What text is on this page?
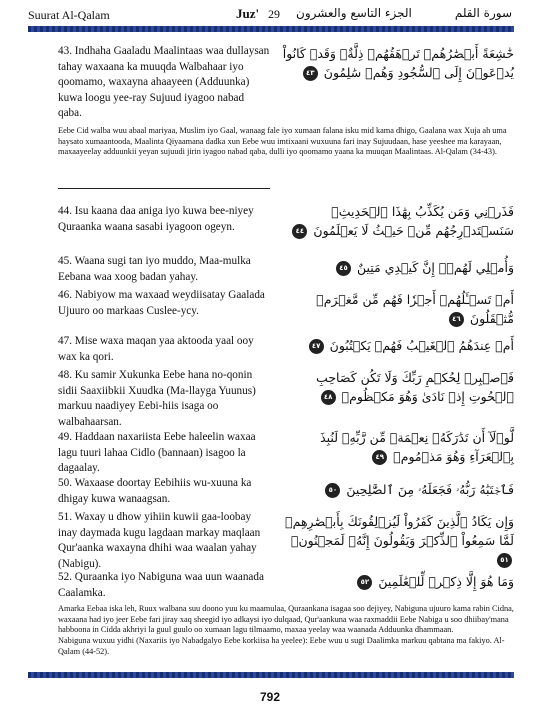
Suurat Al-Qalam	Juz' 29 الجزء التاسع والعشرون	سورة القلم
43. Indhaha Gaaladu Maalintaas waa dullaysan tahay waxaana ka muuqda Walbahaar iyo qoomamo, waxayna ahaayeen (Adduunka) kuwa loogu yee-ray Sujuud iyagoo nabad qaba.
خَٰشِعَةً أَبۡصَٰرُهُمۡ تَرۡهَقُهُمۡ ذِلَّةٌۖ وَقَدۡ كَانُواْ يُدۡعَوۡنَ إِلَى ٱلسُّجُودِ وَهُمۡ سَٰلِمُونَ ٤٣
Eebe Cid walba wuu abaal mariyaa, Muslim iyo Gaal, wanaag fale iyo xumaan falana isku mid kama dhigo, Gaalana wax Xuja ah uma haysato xumaantooda, Maalinta Qiyaamana dadka xun Eebe wuu imtixaani wuxuuna fari inay Sujuudaan, hase yeeshee ma karayaan, maxaayeelay adduunkii yeyan sujuudi jirin iyagoo nabad qaba, dulli iyo qoomamo yaana ka muuqan Maalintaas. Al-Qalam (34-43).
44. Isu kaana daa aniga iyo kuwa bee-niyey Quraanka waana sasabi iyagoon ogeyn.
فَذَرۡنِي وَمَن يُكَذِّبُ بِهَٰذَا ٱلۡحَدِيثِۖ سَنَسۡتَدۡرِجُهُم مِّنۡ حَيۡثُ لَا يَعۡلَمُونَ ٤٤
45. Waana sugi tan iyo muddo, Maa-mulka Eebana waa xoog badan yahay.
وَأُمۡلِي لَهُمۡۚ إِنَّ كَيۡدِي مَتِينٌ ٤٥
46. Nabiyow ma waxaad weydiisatay Gaalada Ujuuro oo markaas Cuslee-ycy.
أَمۡ تَسۡـَٔلُهُمۡ أَجۡرٗا فَهُم مِّن مَّغۡرَمٖ مُّثۡقَلُونَ ٤٦
47. Mise waxa maqan yaa aktooda yaal ooy wax ka qori.
أَمۡ عِندَهُمُ ٱلۡغَيۡبُ فَهُمۡ يَكۡتُبُونَ ٤٧
48. Ku samir Xukunka Eebe hana no-qonin sidii Saaxiibkii Xuudka (Ma-llayga Yuunus) markuu naadiyey Eebi-hiis isaga oo walbahaarsan.
فَٱصۡبِرۡ لِحُكۡمِ رَبِّكَ وَلَا تَكُن كَصَاحِبِ ٱلۡحُوتِ إِذۡ نَادَىٰ وَهُوَ مَكۡظُومٞ ٤٨
49. Haddaan naxariista Eebe haleelin waxaa lagu tuuri lahaa Cidlo (bannaan) isagoo la dagaalay.
لَّوۡلَآ أَن تَدَٰرَكَهُۥ نِعۡمَةٞ مِّن رَّبِّهِۦ لَنُبِذَ بِٱلۡعَرَآءِ وَهُوَ مَذۡمُومٞ ٤٩
50. Waxaase doortay Eebihiis wu-xuuna ka dhigay kuwa wanaagsan.
فَٱجۡتَبَٰهُ رَبُّهُۥ فَجَعَلَهُۥ مِنَ ٱلصَّٰلِحِينَ ٥٠
51. Waxay u dhow yihiin kuwii gaa-loobay inay daymada kugu lagdaan markay maqlaan Qur'aanka waxayna dhihi waa waalan yahay (Nabigu).
وَإِن يَكَادُ ٱلَّذِينَ كَفَرُواْ لَيُزۡلِقُونَكَ بِأَبۡصَٰرِهِمۡ لَمَّا سَمِعُواْ ٱلذِّكۡرَ وَيَقُولُونَ إِنَّهُۥ لَمَجۡنُونٞ ٥١
52. Quraanka iyo Nabiguna waa uun waanada Caalamka.
وَمَا هُوَ إِلَّا ذِكۡرٞ لِّلۡعَٰلَمِينَ ٥٢
Amarka Eebaa iska leh, Ruux walbana suu doono yuu ku maamulaa, Quraankana isagaa soo dejiyey, Nabiguna ujuuro kama rabin Cidna, waxaana had iyo jeer Eebe fari jiray xaq sheegid iyo adkaysi iyo dulqaad, Qur'aankuna waa raxmaddii Eebe Nabiga u soo dhiibay'mana habboona in Cidda akhriyi la guul guulo oo xumaan lagu tilmaamo, maxaa yeelay waa waanada Adduunka dhammaan.
Nabiguna wuxuu yidhi (Naxariis iyo Nabadgalyo Eebe korkiisa ha yeelee): Eebe wuu u sugi Daalimka markuu qabtana ma fakiyo. Al-Qalam (44-52).
792
